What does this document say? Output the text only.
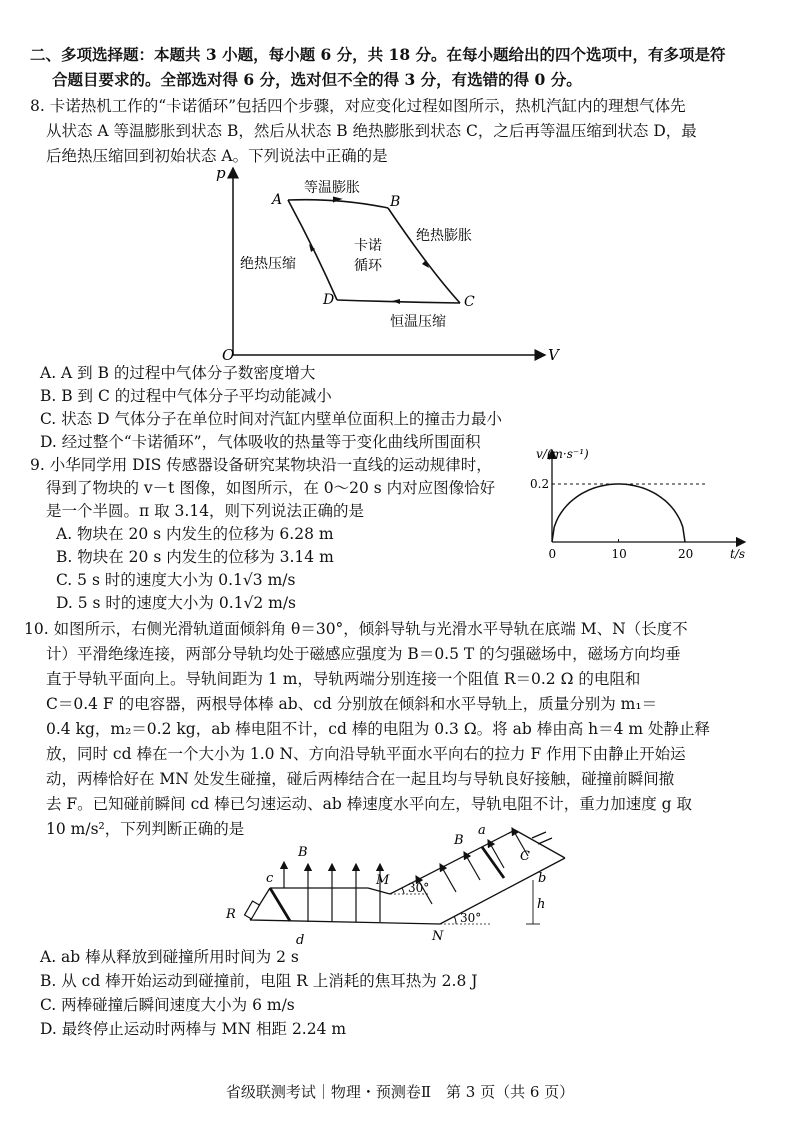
二、多项选择题：本题共 3 小题，每小题 6 分，共 18 分。在每小题给出的四个选项中，有多项是符
合题目要求的。全部选对得 6 分，选对但不全的得 3 分，有选错的得 0 分。
8. 卡诺热机工作的“卡诺循环”包括四个步骤，对应变化过程如图所示，热机汽缸内的理想气体先
从状态 A 等温膨胀到状态 B，然后从状态 B 绝热膨胀到状态 C，之后再等温压缩到状态 D，最
后绝热压缩回到初始状态 A。下列说法中正确的是
p
V
O
A	B
C
D
等温膨胀
绝热膨胀
恒温压缩
绝热压缩
卡诺
循环
A. A 到 B 的过程中气体分子数密度增大
B. B 到 C 的过程中气体分子平均动能减小
C. 状态 D 气体分子在单位时间对汽缸内壁单位面积上的撞击力最小
D. 经过整个“卡诺循环”，气体吸收的热量等于变化曲线所围面积
9. 小华同学用 DIS 传感器设备研究某物块沿一直线的运动规律时，
得到了物块的 v－t 图像，如图所示，在 0～20 s 内对应图像恰好
是一个半圆。π 取 3.14，则下列说法正确的是
A. 物块在 20 s 内发生的位移为 6.28 m
B. 物块在 20 s 内发生的位移为 3.14 m
C. 5 s 时的速度大小为 0.1√3 m/s
D. 5 s 时的速度大小为 0.1√2 m/s
v/(m·s⁻¹)
t/s
0	10	20
0.2
10. 如图所示，右侧光滑轨道面倾斜角 θ＝30°，倾斜导轨与光滑水平导轨在底端 M、N（长度不
计）平滑绝缘连接，两部分导轨均处于磁感应强度为 B＝0.5 T 的匀强磁场中，磁场方向均垂
直于导轨平面向上。导轨间距为 1 m，导轨两端分别连接一个阻值 R＝0.2 Ω 的电阻和
C＝0.4 F 的电容器，两根导体棒 ab、cd 分别放在倾斜和水平导轨上，质量分别为 m₁＝
0.4 kg，m₂＝0.2 kg，ab 棒电阻不计，cd 棒的电阻为 0.3 Ω。将 ab 棒由高 h＝4 m 处静止释
放，同时 cd 棒在一个大小为 1.0 N、方向沿导轨平面水平向右的拉力 F 作用下由静止开始运
动，两棒恰好在 MN 处发生碰撞，碰后两棒结合在一起且均与导轨良好接触，碰撞前瞬间撤
去 F。已知碰前瞬间 cd 棒已匀速运动、ab 棒速度水平向左，导轨电阻不计，重力加速度 g 取
10 m/s²，下列判断正确的是
R
C
c
d
a
b
B
B
M
N
30°
30°
h
A. ab 棒从释放到碰撞所用时间为 2 s
B. 从 cd 棒开始运动到碰撞前，电阻 R 上消耗的焦耳热为 2.8 J
C. 两棒碰撞后瞬间速度大小为 6 m/s
D. 最终停止运动时两棒与 MN 相距 2.24 m
省级联测考试｜物理・预测卷Ⅱ　第 3 页（共 6 页）
